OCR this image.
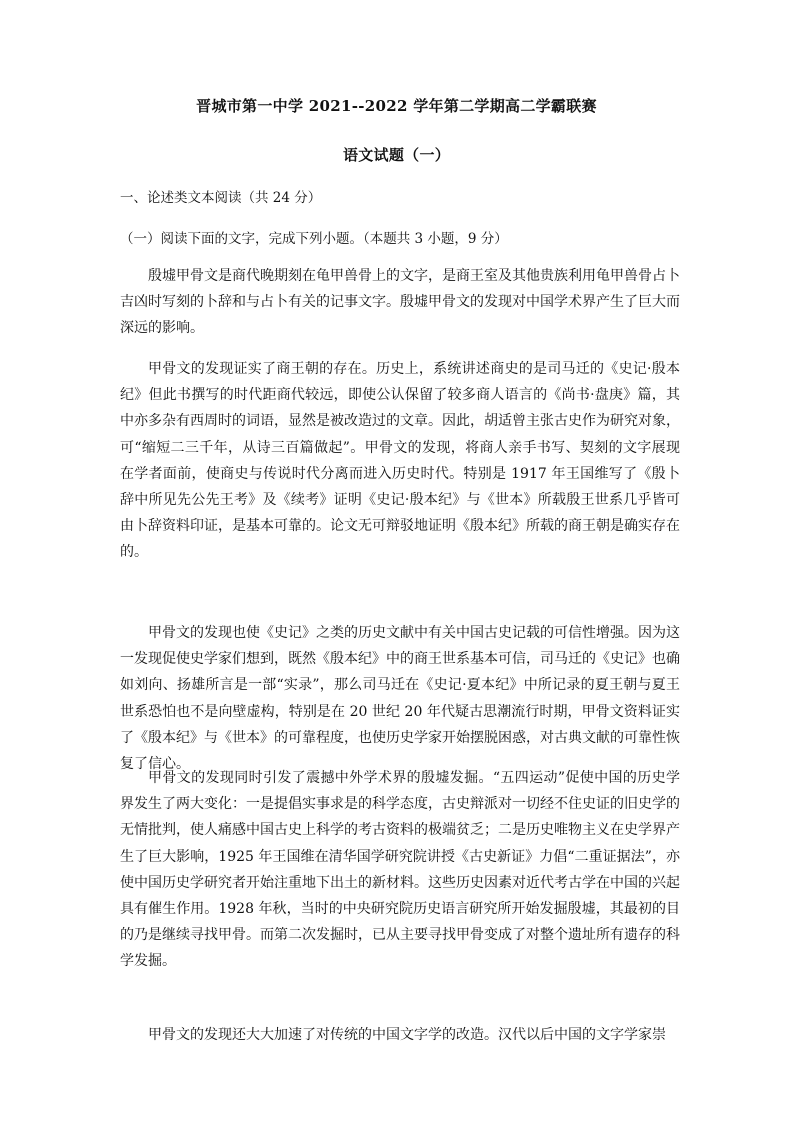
晋城市第一中学 2021--2022 学年第二学期高二学霸联赛
语文试题（一）
一、论述类文本阅读（共 24 分）
（一）阅读下面的文字，完成下列小题。（本题共 3 小题，9 分）

殷墟甲骨文是商代晚期刻在龟甲兽骨上的文字，是商王室及其他贵族利用龟甲兽骨占卜吉凶时写刻的卜辞和与占卜有关的记事文字。殷墟甲骨文的发现对中国学术界产生了巨大而深远的影响。

甲骨文的发现证实了商王朝的存在。历史上，系统讲述商史的是司马迁的《史记·殷本纪》但此书撰写的时代距商代较远，即使公认保留了较多商人语言的《尚书·盘庚》篇，其中亦多杂有西周时的词语，显然是被改造过的文章。因此，胡适曾主张古史作为研究对象，可“缩短二三千年，从诗三百篇做起”。甲骨文的发现，将商人亲手书写、契刻的文字展现在学者面前，使商史与传说时代分离而进入历史时代。特别是 1917 年王国维写了《殷卜辞中所见先公先王考》及《续考》证明《史记·殷本纪》与《世本》所载殷王世系几乎皆可由卜辞资料印证，是基本可靠的。论文无可辩驳地证明《殷本纪》所载的商王朝是确实存在的。

甲骨文的发现也使《史记》之类的历史文献中有关中国古史记载的可信性增强。因为这一发现促使史学家们想到，既然《殷本纪》中的商王世系基本可信，司马迁的《史记》也确如刘向、扬雄所言是一部“实录”，那么司马迁在《史记·夏本纪》中所记录的夏王朝与夏王世系恐怕也不是向壁虚构，特别是在 20 世纪 20 年代疑古思潮流行时期，甲骨文资料证实了《殷本纪》与《世本》的可靠程度，也使历史学家开始摆脱困惑，对古典文献的可靠性恢复了信心。

甲骨文的发现同时引发了震撼中外学术界的殷墟发掘。“五四运动”促使中国的历史学界发生了两大变化：一是提倡实事求是的科学态度，古史辩派对一切经不住史证的旧史学的无情批判，使人痛感中国古史上科学的考古资料的极端贫乏；二是历史唯物主义在史学界产生了巨大影响，1925 年王国维在清华国学研究院讲授《古史新证》力倡“二重证据法”，亦使中国历史学研究者开始注重地下出土的新材料。这些历史因素对近代考古学在中国的兴起具有催生作用。1928 年秋，当时的中央研究院历史语言研究所开始发掘殷墟，其最初的目的乃是继续寻找甲骨。而第二次发掘时，已从主要寻找甲骨变成了对整个遗址所有遗存的科学发掘。

甲骨文的发现还大大加速了对传统的中国文字学的改造。汉代以后中国的文字学家崇
